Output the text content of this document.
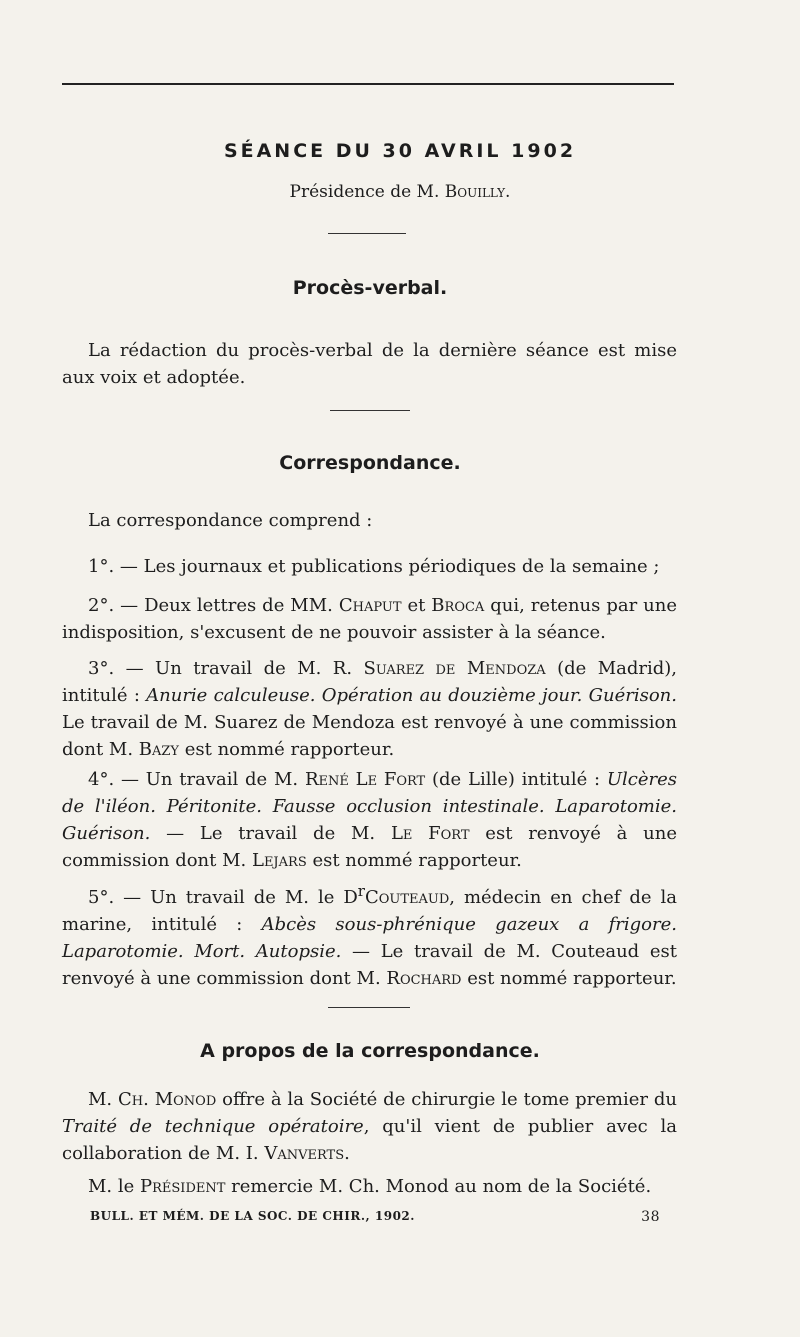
SÉANCE DU 30 AVRIL 1902
Présidence de M. Bouilly.
Procès-verbal.
La rédaction du procès-verbal de la dernière séance est mise aux voix et adoptée.
Correspondance.
La correspondance comprend :
1°. — Les journaux et publications périodiques de la semaine ;
2°. — Deux lettres de MM. Chaput et Broca qui, retenus par une indisposition, s'excusent de ne pouvoir assister à la séance.
3°. — Un travail de M. R. Suarez de Mendoza (de Madrid), intitulé : Anurie calculeuse. Opération au douzième jour. Guérison. Le travail de M. Suarez de Mendoza est renvoyé à une commission dont M. Bazy est nommé rapporteur.
4°. — Un travail de M. René Le Fort (de Lille) intitulé : Ulcères de l'iléon. Péritonite. Fausse occlusion intestinale. Laparotomie. Guérison. — Le travail de M. Le Fort est renvoyé à une commission dont M. Lejars est nommé rapporteur.
5°. — Un travail de M. le $D^rCouteaud$, médecin en chef de la marine, intitulé : Abcès sous-phrénique gazeux a frigore. Laparotomie. Mort. Autopsie. — Le travail de M. Couteaud est renvoyé à une commission dont M. Rochard est nommé rapporteur.
A propos de la correspondance.
M. Ch. Monod offre à la Société de chirurgie le tome premier du Traité de technique opératoire, qu'il vient de publier avec la collaboration de M. I. Vanverts.
M. le Président remercie M. Ch. Monod au nom de la Société.
BULL. ET MÉM. DE LA SOC. DE CHIR., 1902.	38
